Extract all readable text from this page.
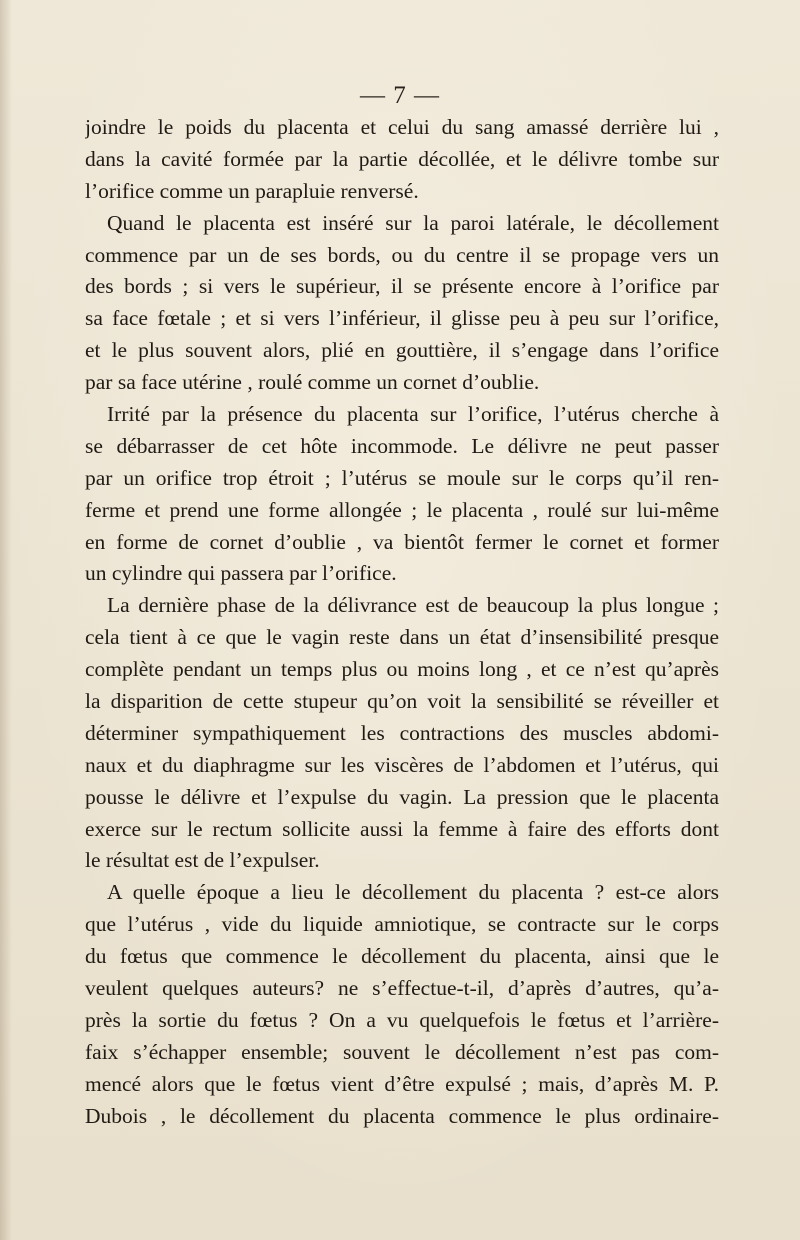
— 7 —
joindre le poids du placenta et celui du sang amassé derrière lui ,
dans la cavité formée par la partie décollée, et le délivre tombe sur
l’orifice comme un parapluie renversé.
Quand le placenta est inséré sur la paroi latérale, le décollement
commence par un de ses bords, ou du centre il se propage vers un
des bords ; si vers le supérieur, il se présente encore à l’orifice par
sa face fœtale ; et si vers l’inférieur, il glisse peu à peu sur l’orifice,
et le plus souvent alors, plié en gouttière, il s’engage dans l’orifice
par sa face utérine , roulé comme un cornet d’oublie.
Irrité par la présence du placenta sur l’orifice, l’utérus cherche à
se débarrasser de cet hôte incommode. Le délivre ne peut passer
par un orifice trop étroit ; l’utérus se moule sur le corps qu’il ren-
ferme et prend une forme allongée ; le placenta , roulé sur lui-même
en forme de cornet d’oublie , va bientôt fermer le cornet et former
un cylindre qui passera par l’orifice.
La dernière phase de la délivrance est de beaucoup la plus longue ;
cela tient à ce que le vagin reste dans un état d’insensibilité presque
complète pendant un temps plus ou moins long , et ce n’est qu’après
la disparition de cette stupeur qu’on voit la sensibilité se réveiller et
déterminer sympathiquement les contractions des muscles abdomi-
naux et du diaphragme sur les viscères de l’abdomen et l’utérus, qui
pousse le délivre et l’expulse du vagin. La pression que le placenta
exerce sur le rectum sollicite aussi la femme à faire des efforts dont
le résultat est de l’expulser.
A quelle époque a lieu le décollement du placenta ? est-ce alors
que l’utérus , vide du liquide amniotique, se contracte sur le corps
du fœtus que commence le décollement du placenta, ainsi que le
veulent quelques auteurs? ne s’effectue-t-il, d’après d’autres, qu’a-
près la sortie du fœtus ? On a vu quelquefois le fœtus et l’arrière-
faix s’échapper ensemble; souvent le décollement n’est pas com-
mencé alors que le fœtus vient d’être expulsé ; mais, d’après M. P.
Dubois , le décollement du placenta commence le plus ordinaire-
